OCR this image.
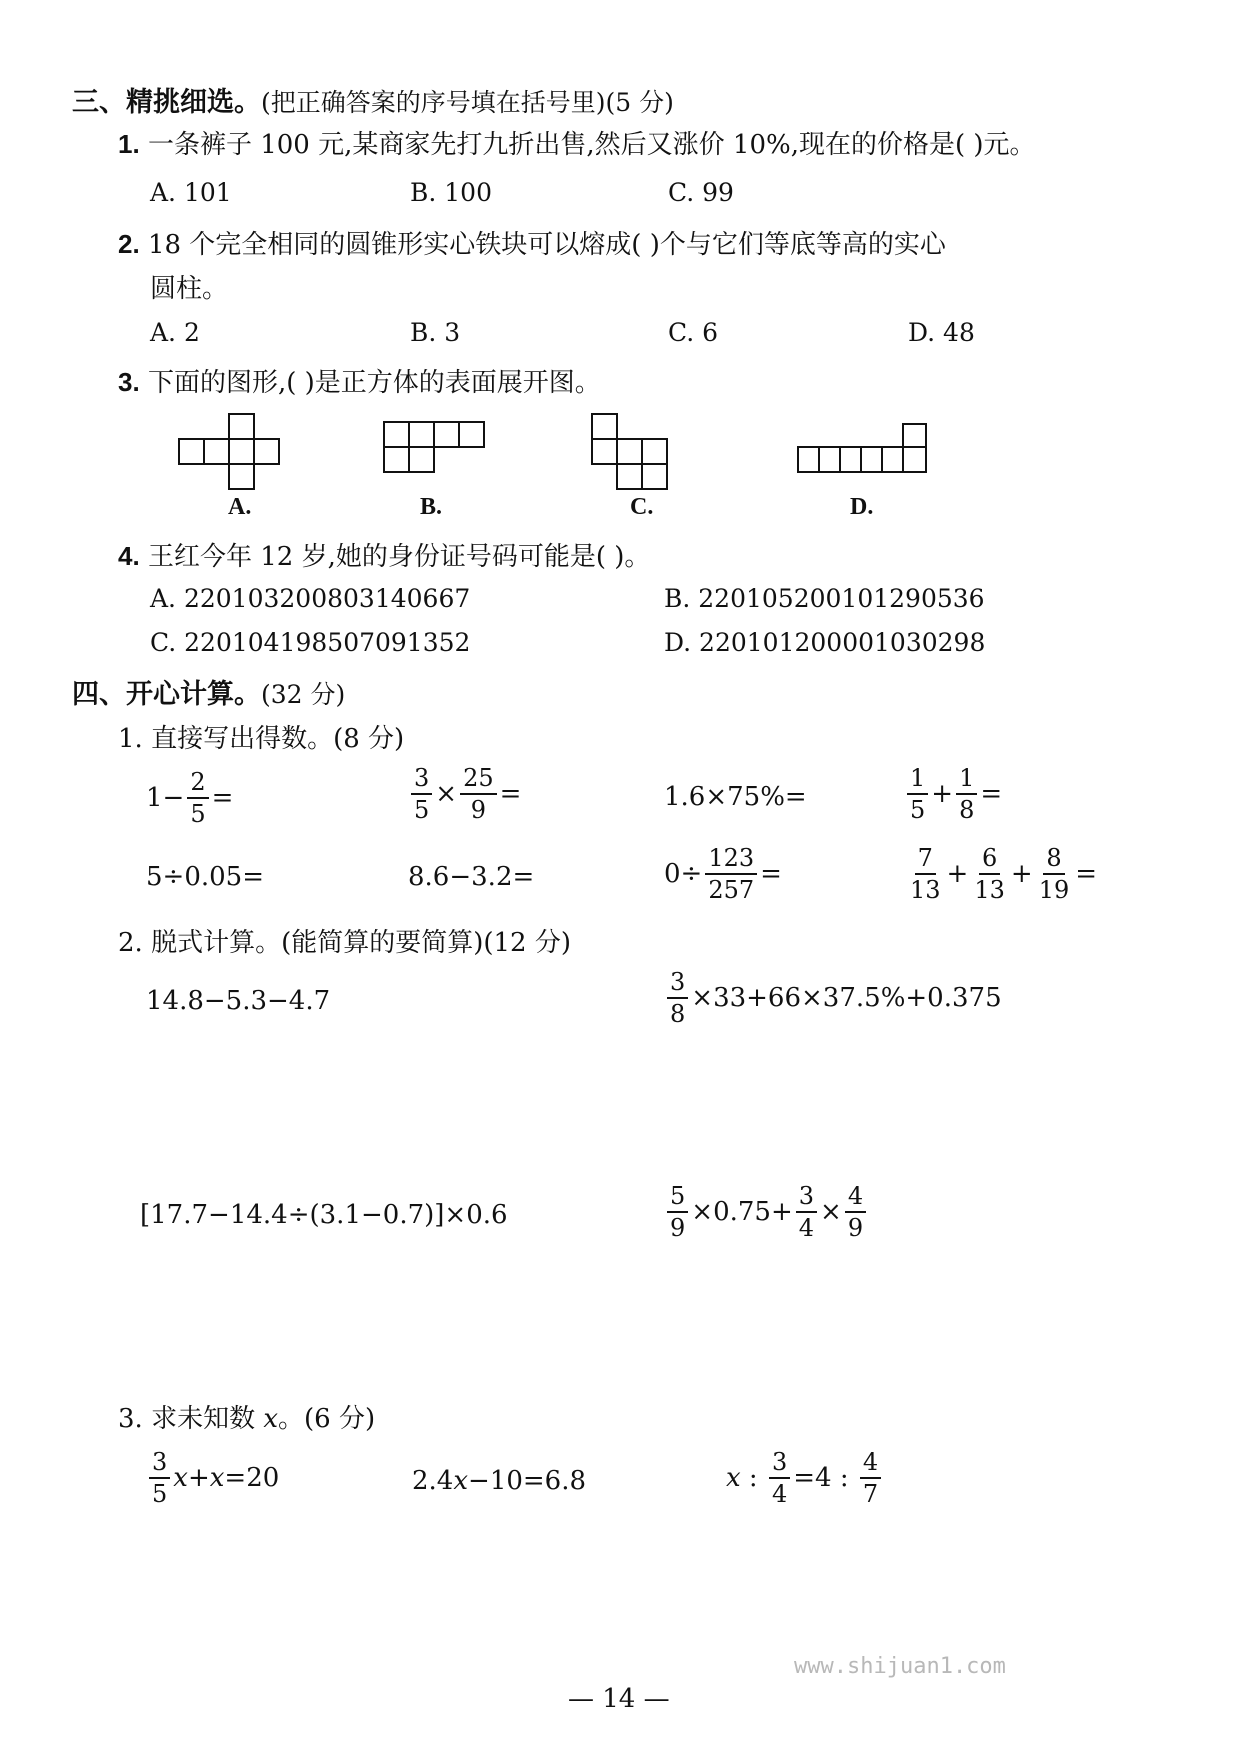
三、精挑细选。(把正确答案的序号填在括号里)(5 分)
1. 一条裤子 100 元,某商家先打九折出售,然后又涨价 10%,现在的价格是( )元。
A. 101	B. 100	C. 99
2. 18 个完全相同的圆锥形实心铁块可以熔成( )个与它们等底等高的实心
圆柱。
A. 2	B. 3	C. 6	D. 48
3. 下面的图形,( )是正方体的表面展开图。
A.	B.	C.	D.
4. 王红今年 12 岁,她的身份证号码可能是( )。
A. 220103200803140667	B. 220105200101290536
C. 220104198507091352	D. 220101200001030298
四、开心计算。(32 分)
1. 直接写出得数。(8 分)
$1- \frac{2}{5}$ =	$\frac{3}{5} \times \frac{25}{9}$ =	1.6×75%=	$\frac{1}{5} + \frac{1}{8}$ =
5÷0.05=	8.6−3.2=	$0\div \frac{123}{257}$ =	$\frac{7}{13} + \frac{6}{13} + \frac{8}{19}$ =
2. 脱式计算。(能简算的要简算)(12 分)
14.8−5.3−4.7	$\frac{3}{8} \times 33+66\times 37.5\%+0.375$
[17.7−14.4÷(3.1−0.7)]×0.6	$\frac{5}{9} \times 0.75+ \frac{3}{4} \times \frac{4}{9}$
3. 求未知数 x。(6 分)
$\frac{3}{5}$ x + x =20	2.4 x −10=6.8	x : $\frac{3}{4} =4$ : $\frac{4}{7}$
www.shijuan1.com
— 14 —
